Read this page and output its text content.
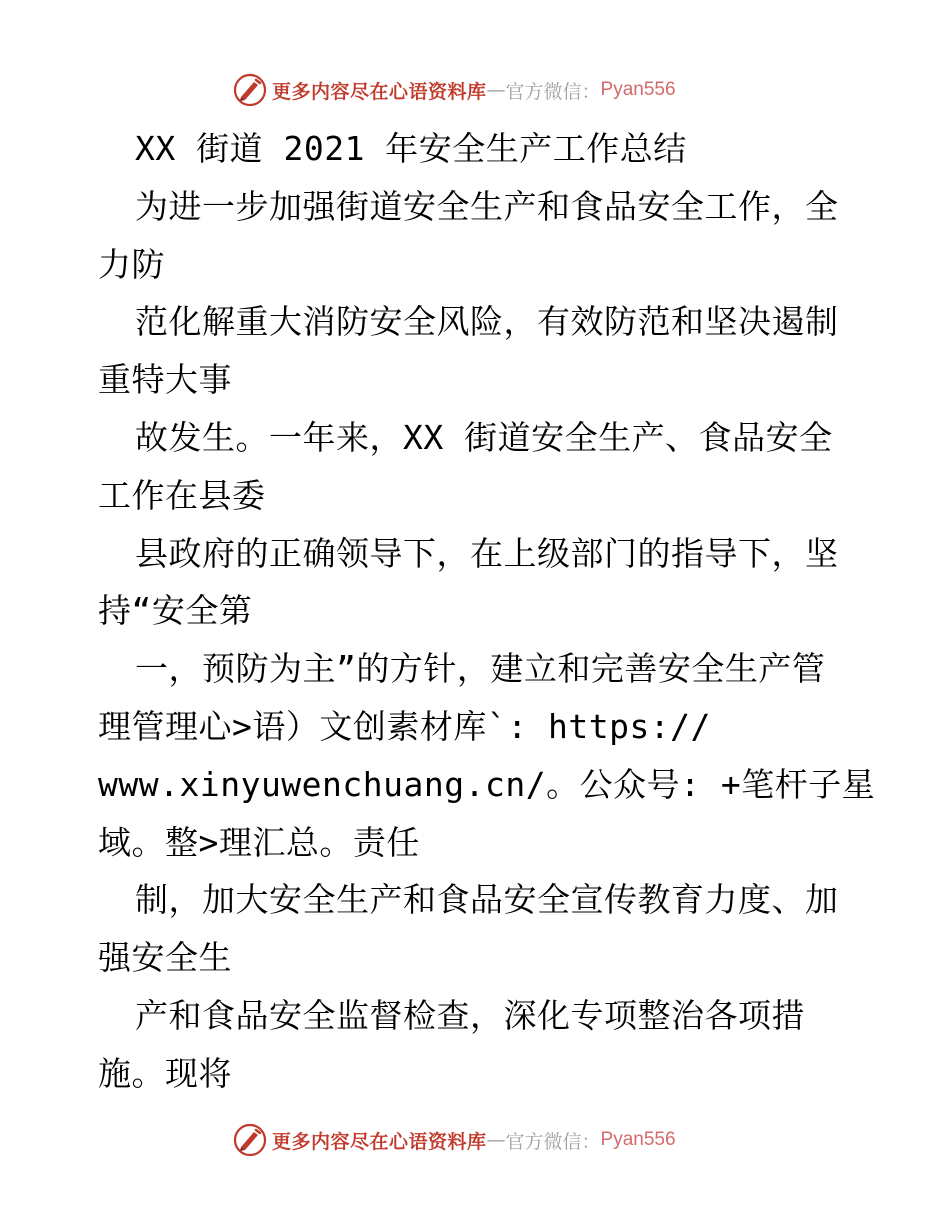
更多内容尽在心语资料库 — 官方微信： Pyan556
XX 街道 2021 年安全生产工作总结
为进一步加强街道安全生产和食品安全工作，全
力防
范化解重大消防安全风险，有效防范和坚决遏制
重特大事
故发生。一年来，XX 街道安全生产、食品安全
工作在县委
县政府的正确领导下，在上级部门的指导下，坚
持“安全第
一，预防为主”的方针，建立和完善安全生产管
理管理心>语）文创素材库`: https://
www.xinyuwenchuang.cn/。公众号: +笔杆子星
域。整>理汇总。责任
制，加大安全生产和食品安全宣传教育力度、加
强安全生
产和食品安全监督检查，深化专项整治各项措
施。现将
更多内容尽在心语资料库 — 官方微信： Pyan556
